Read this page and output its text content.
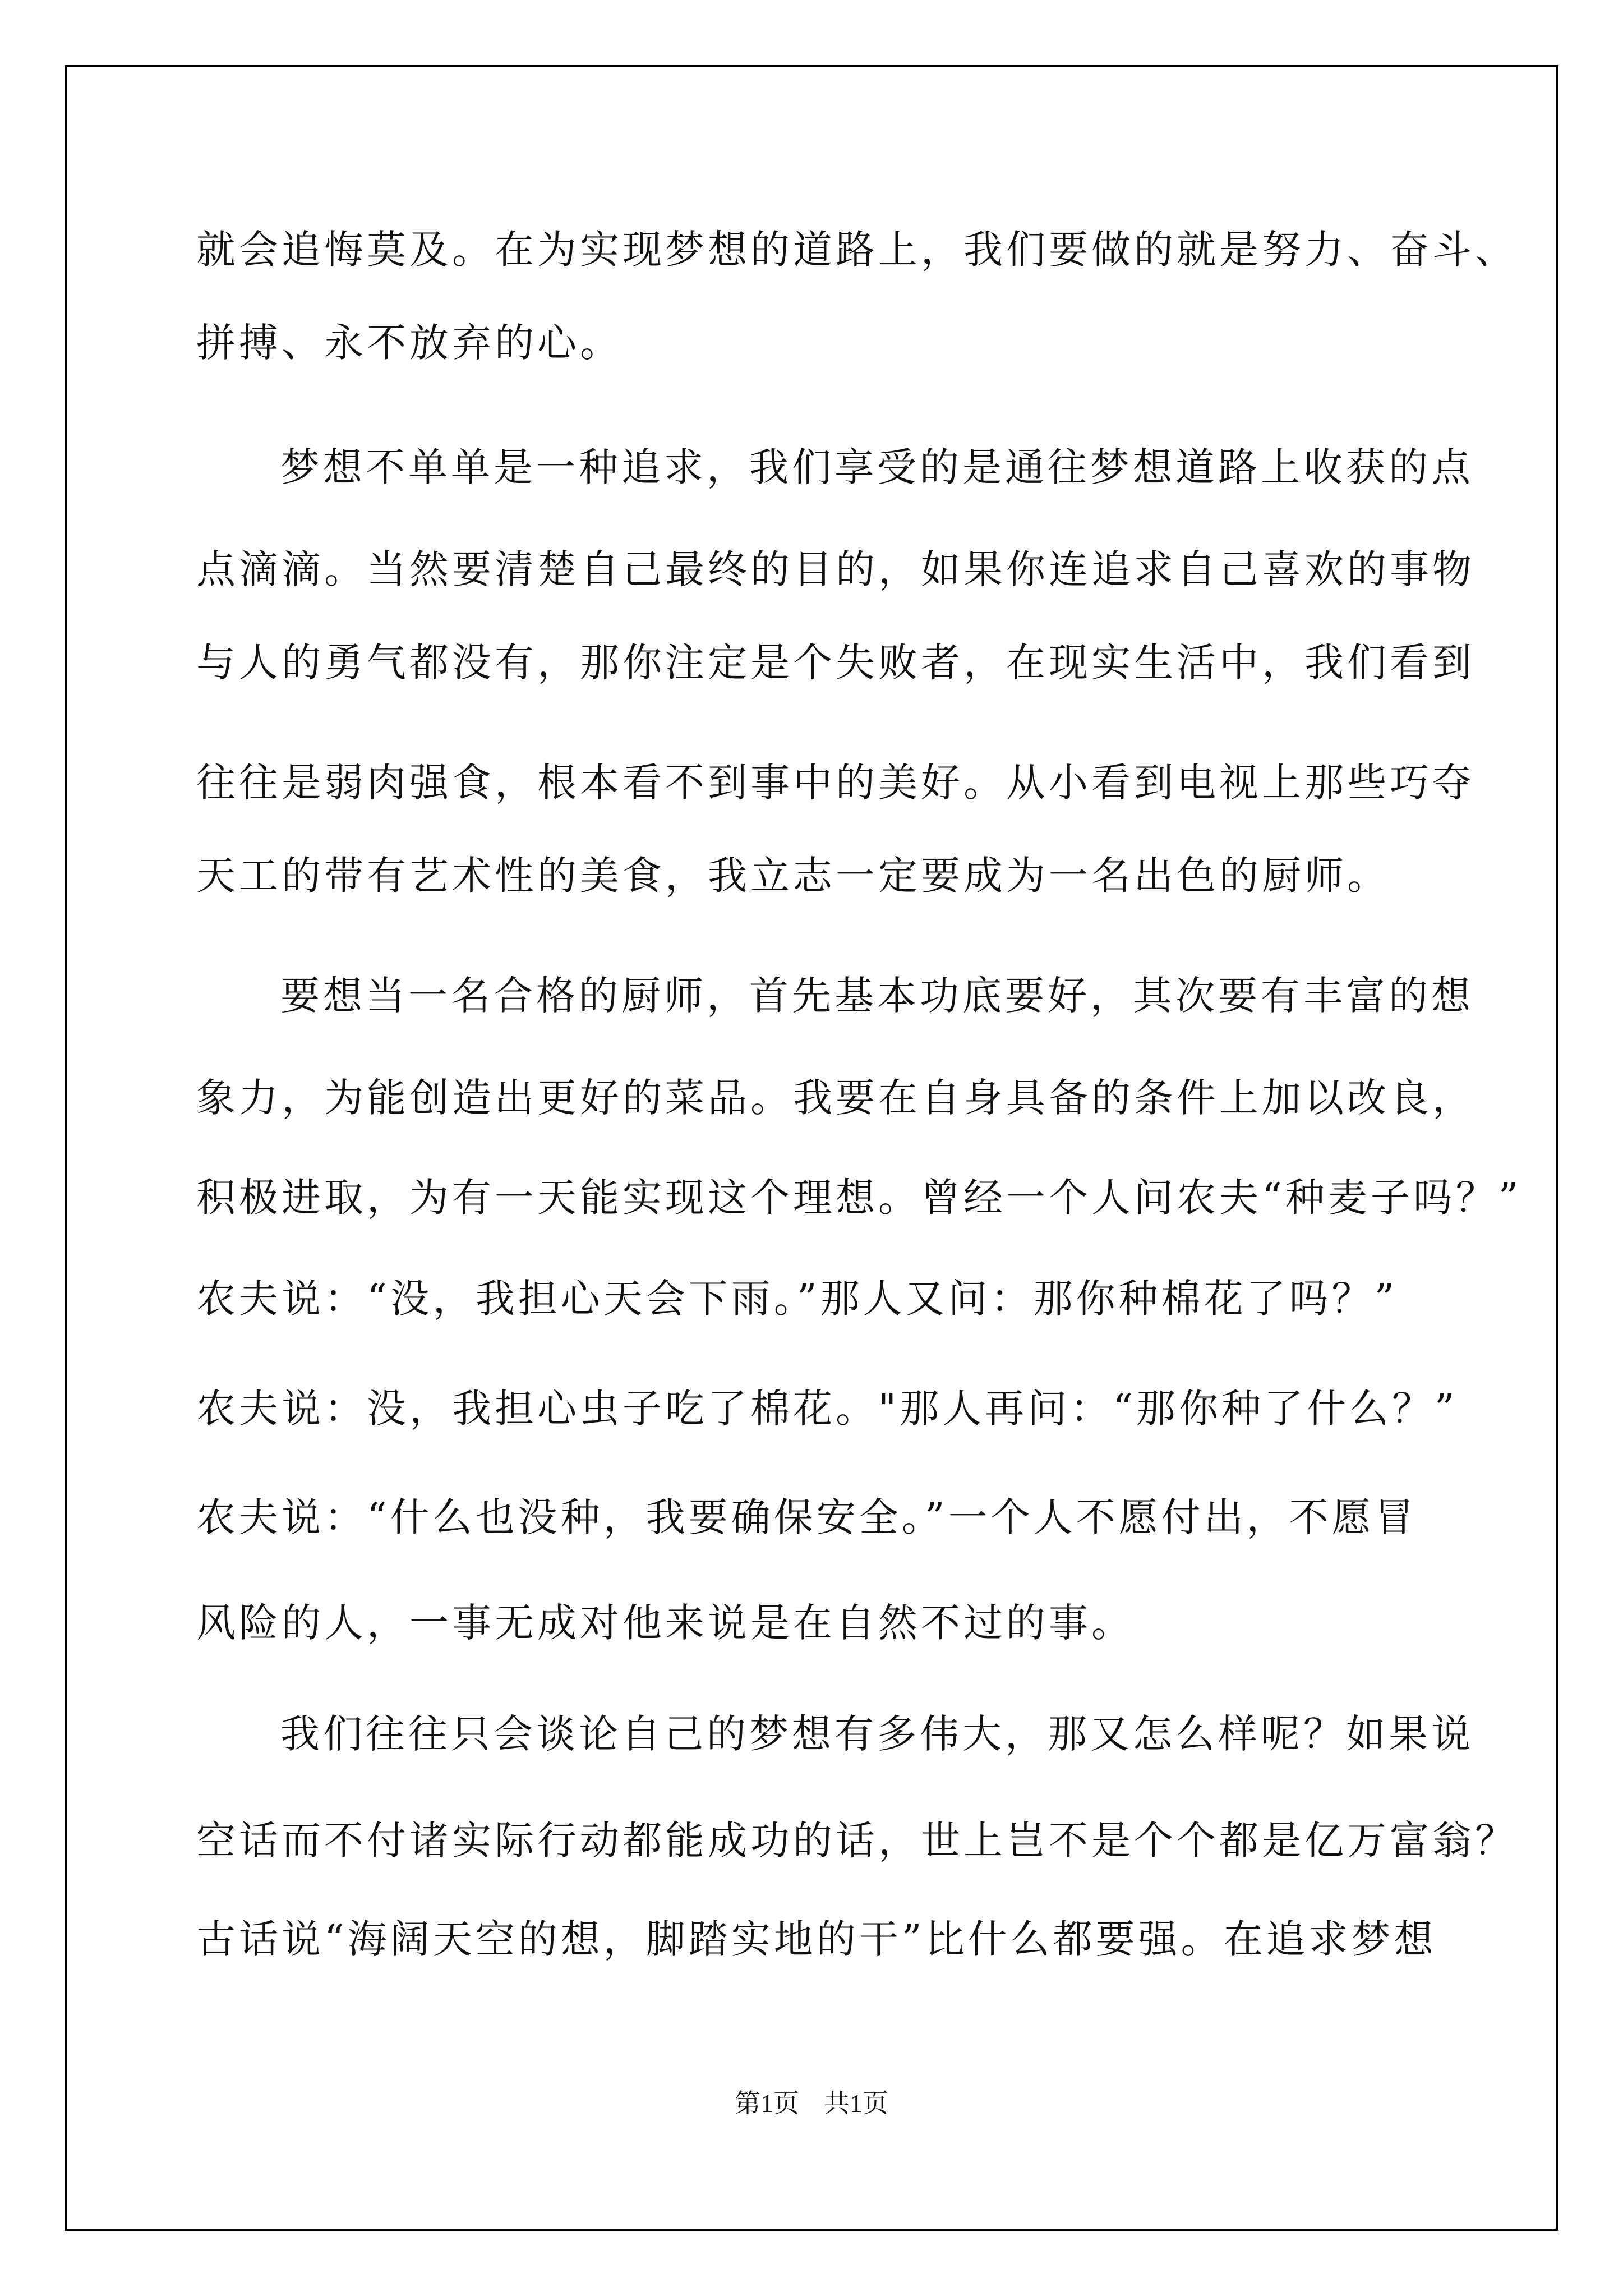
就会追悔莫及。在为实现梦想的道路上，我们要做的就是努力、奋斗、

拼搏、永不放弃的心。

梦想不单单是一种追求，我们享受的是通往梦想道路上收获的点

点滴滴。当然要清楚自己最终的目的，如果你连追求自己喜欢的事物

与人的勇气都没有，那你注定是个失败者，在现实生活中，我们看到

往往是弱肉强食，根本看不到事中的美好。从小看到电视上那些巧夺

天工的带有艺术性的美食，我立志一定要成为一名出色的厨师。

要想当一名合格的厨师，首先基本功底要好，其次要有丰富的想

象力，为能创造出更好的菜品。我要在自身具备的条件上加以改良，

积极进取，为有一天能实现这个理想。曾经一个人问农夫“种麦子吗？”

农夫说：“没，我担心天会下雨。”那人又问：那你种棉花了吗？”

农夫说：没，我担心虫子吃了棉花。"那人再问：“那你种了什么？”

农夫说：“什么也没种，我要确保安全。”一个人不愿付出，不愿冒

风险的人，一事无成对他来说是在自然不过的事。

我们往往只会谈论自己的梦想有多伟大，那又怎么样呢？如果说

空话而不付诸实际行动都能成功的话，世上岂不是个个都是亿万富翁？

古话说“海阔天空的想，脚踏实地的干”比什么都要强。在追求梦想

第1页 共1页
